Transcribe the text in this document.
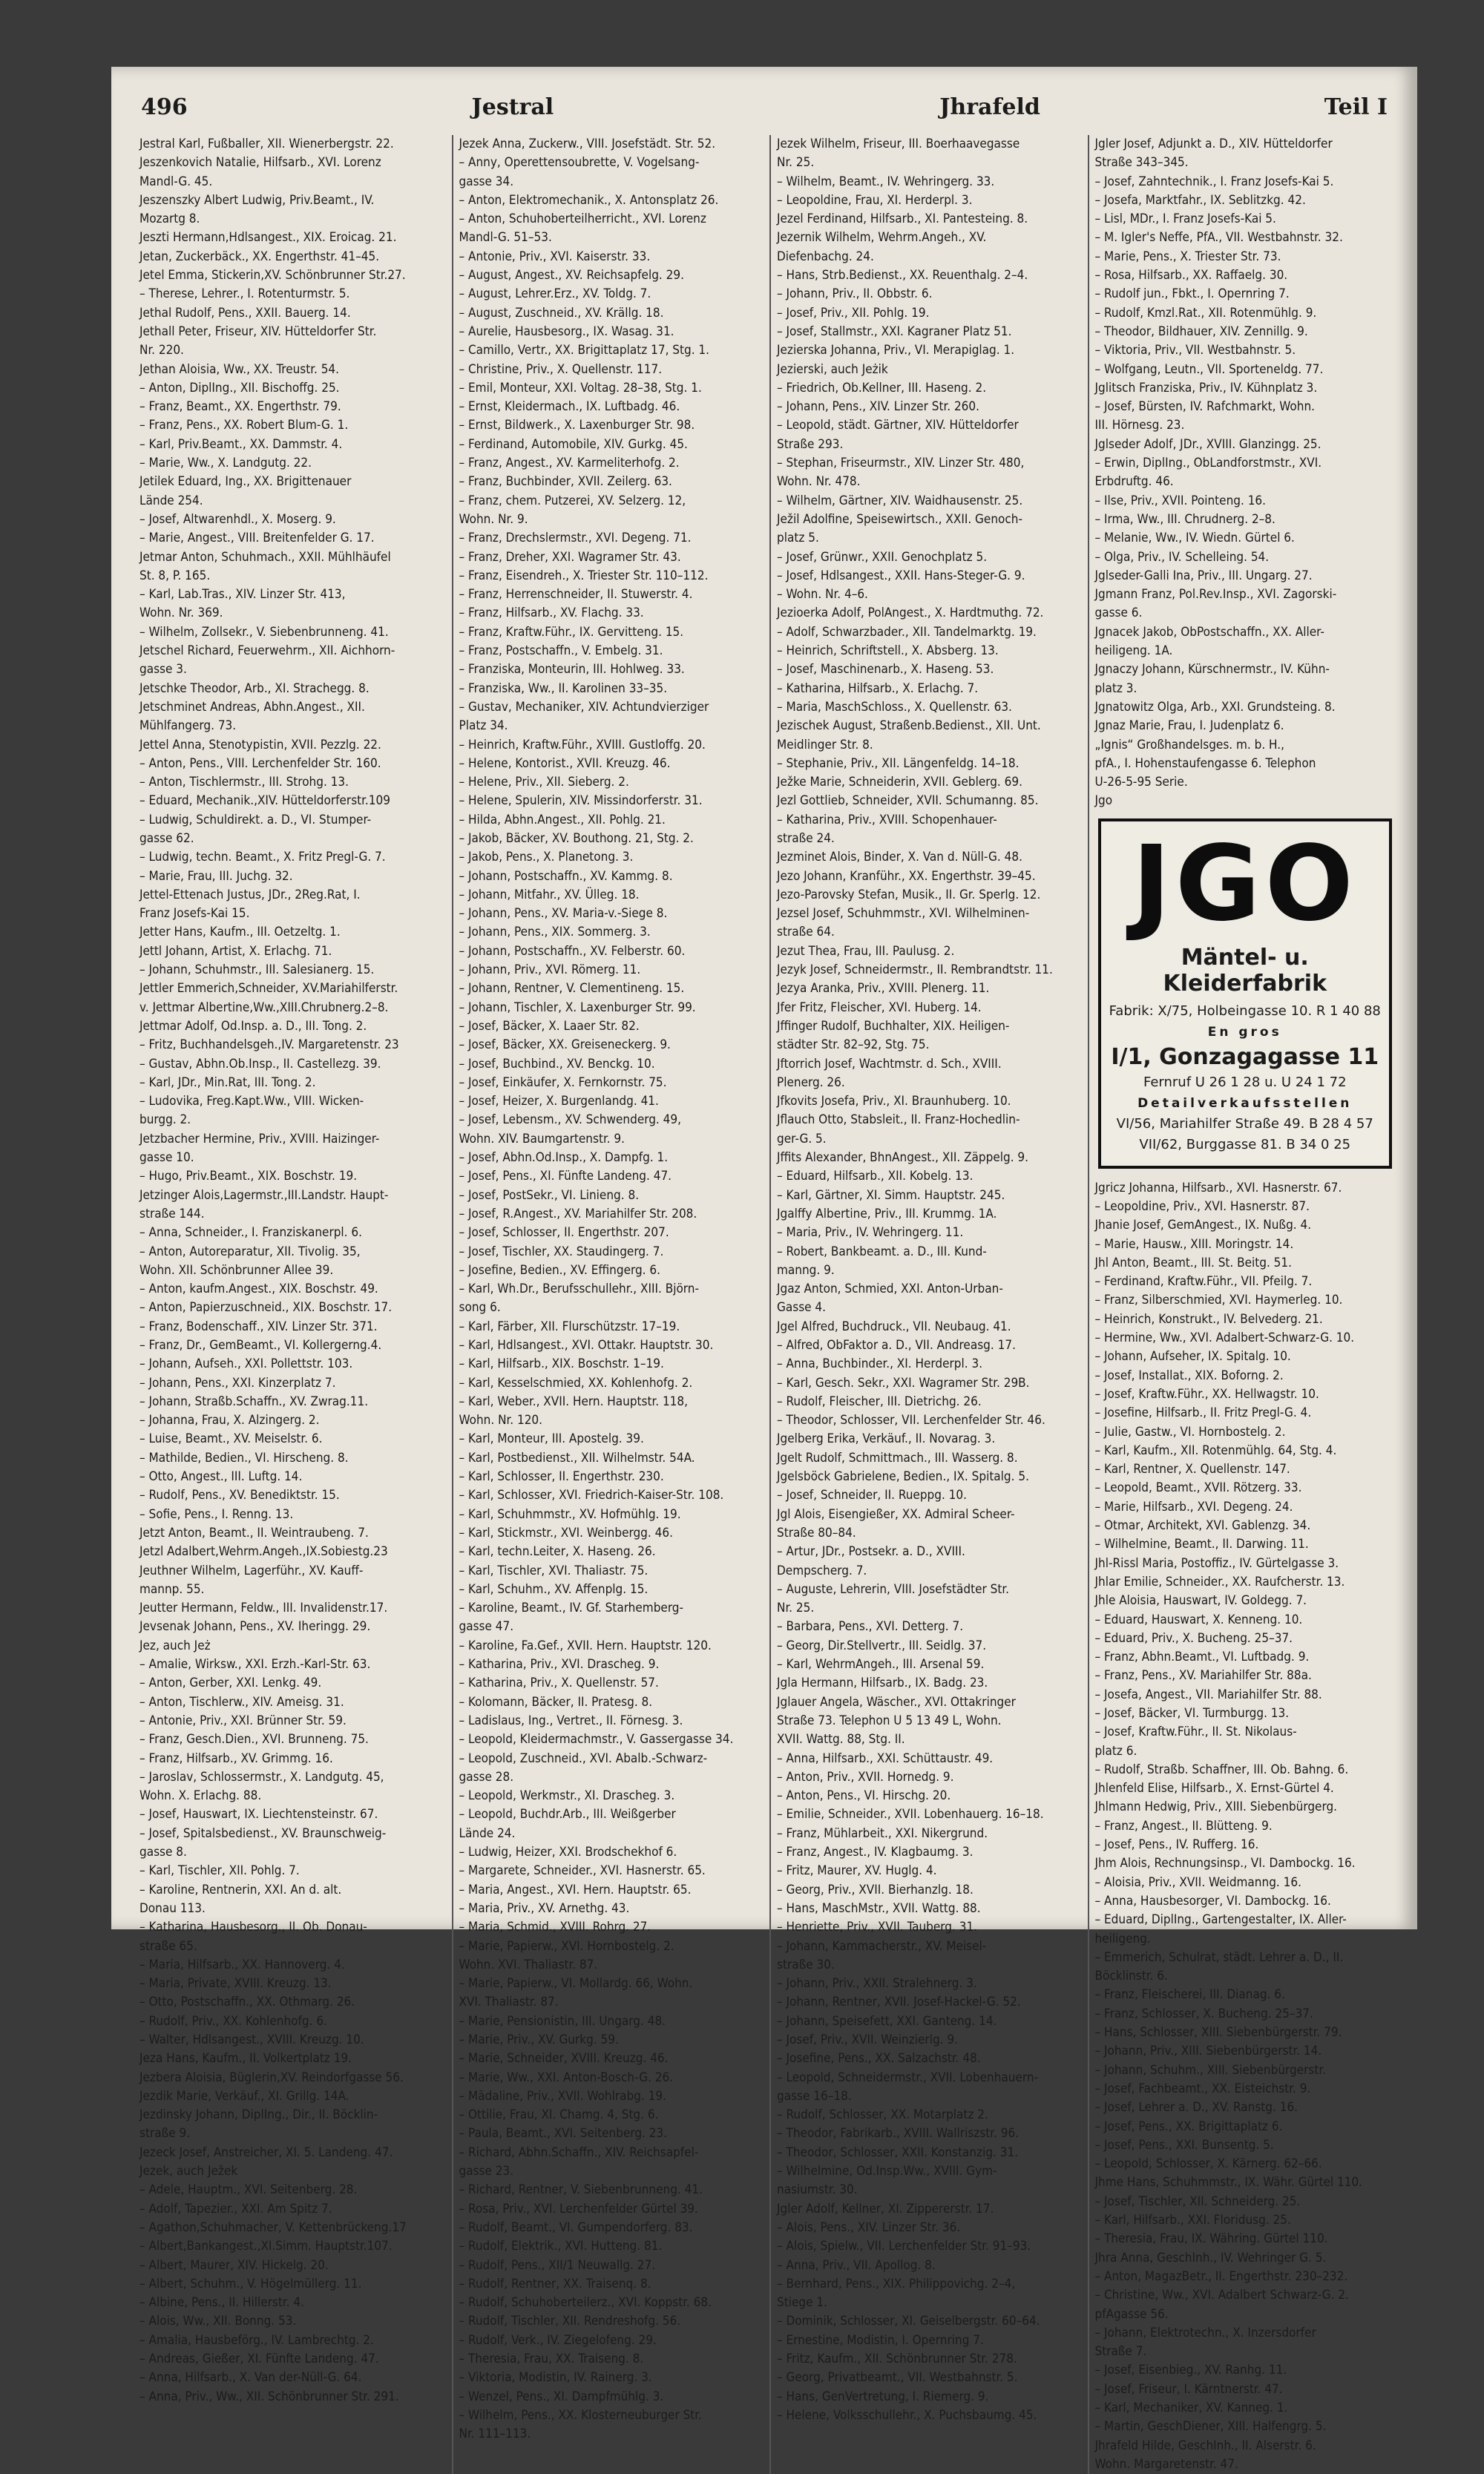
496	Jestral	Jhrafeld	Teil I
Jestral Karl, Fußballer, XII. Wienerbergstr. 22.
Jeszenkovich Natalie, Hilfsarb., XVI. Lorenz
Mandl-G. 45.
Jeszenszky Albert Ludwig, Priv.Beamt., IV.
Mozartg 8.
Jeszti Hermann,Hdlsangest., XIX. Eroicag. 21.
Jetan, Zuckerbäck., XX. Engerthstr. 41–45.
Jetel Emma, Stickerin,XV. Schönbrunner Str.27.
– Therese, Lehrer., I. Rotenturmstr. 5.
Jethal Rudolf, Pens., XXII. Bauerg. 14.
Jethall Peter, Friseur, XIV. Hütteldorfer Str.
Nr. 220.
Jethan Aloisia, Ww., XX. Treustr. 54.
– Anton, DiplIng., XII. Bischoffg. 25.
– Franz, Beamt., XX. Engerthstr. 79.
– Franz, Pens., XX. Robert Blum-G. 1.
– Karl, Priv.Beamt., XX. Dammstr. 4.
– Marie, Ww., X. Landgutg. 22.
Jetilek Eduard, Ing., XX. Brigittenauer
Lände 254.
– Josef, Altwarenhdl., X. Moserg. 9.
– Marie, Angest., VIII. Breitenfelder G. 17.
Jetmar Anton, Schuhmach., XXII. Mühlhäufel
St. 8, P. 165.
– Karl, Lab.Tras., XIV. Linzer Str. 413,
Wohn. Nr. 369.
– Wilhelm, Zollsekr., V. Siebenbrunneng. 41.
Jetschel Richard, Feuerwehrm., XII. Aichhorn-
gasse 3.
Jetschke Theodor, Arb., XI. Strachegg. 8.
Jetschminet Andreas, Abhn.Angest., XII.
Mühlfangerg. 73.
Jettel Anna, Stenotypistin, XVII. Pezzlg. 22.
– Anton, Pens., VIII. Lerchenfelder Str. 160.
– Anton, Tischlermstr., III. Strohg. 13.
– Eduard, Mechanik.,XIV. Hütteldorferstr.109
– Ludwig, Schuldirekt. a. D., VI. Stumper-
gasse 62.
– Ludwig, techn. Beamt., X. Fritz Pregl-G. 7.
– Marie, Frau, III. Juchg. 32.
Jettel-Ettenach Justus, JDr., 2Reg.Rat, I.
Franz Josefs-Kai 15.
Jetter Hans, Kaufm., III. Oetzeltg. 1.
Jettl Johann, Artist, X. Erlachg. 71.
– Johann, Schuhmstr., III. Salesianerg. 15.
Jettler Emmerich,Schneider, XV.Mariahilferstr.
v. Jettmar Albertine,Ww.,XIII.Chrubnerg.2–8.
Jettmar Adolf, Od.Insp. a. D., III. Tong. 2.
– Fritz, Buchhandelsgeh.,IV. Margaretenstr. 23
– Gustav, Abhn.Ob.Insp., II. Castellezg. 39.
– Karl, JDr., Min.Rat, III. Tong. 2.
– Ludovika, Freg.Kapt.Ww., VIII. Wicken-
burgg. 2.
Jetzbacher Hermine, Priv., XVIII. Haizinger-
gasse 10.
– Hugo, Priv.Beamt., XIX. Boschstr. 19.
Jetzinger Alois,Lagermstr.,III.Landstr. Haupt-
straße 144.
– Anna, Schneider., I. Franziskanerpl. 6.
– Anton, Autoreparatur, XII. Tivolig. 35,
Wohn. XII. Schönbrunner Allee 39.
– Anton, kaufm.Angest., XIX. Boschstr. 49.
– Anton, Papierzuschneid., XIX. Boschstr. 17.
– Franz, Bodenschaff., XIV. Linzer Str. 371.
– Franz, Dr., GemBeamt., VI. Kollergerng.4.
– Johann, Aufseh., XXI. Pollettstr. 103.
– Johann, Pens., XXI. Kinzerplatz 7.
– Johann, Straßb.Schaffn., XV. Zwrag.11.
– Johanna, Frau, X. Alzingerg. 2.
– Luise, Beamt., XV. Meiselstr. 6.
– Mathilde, Bedien., VI. Hirscheng. 8.
– Otto, Angest., III. Luftg. 14.
– Rudolf, Pens., XV. Benediktstr. 15.
– Sofie, Pens., I. Renng. 13.
Jetzt Anton, Beamt., II. Weintraubeng. 7.
Jetzl Adalbert,Wehrm.Angeh.,IX.Sobiestg.23
Jeuthner Wilhelm, Lagerführ., XV. Kauff-
mannp. 55.
Jeutter Hermann, Feldw., III. Invalidenstr.17.
Jevsenak Johann, Pens., XV. Iheringg. 29.
Jez, auch Jeż
– Amalie, Wirksw., XXI. Erzh.-Karl-Str. 63.
– Anton, Gerber, XXI. Lenkg. 49.
– Anton, Tischlerw., XIV. Ameisg. 31.
– Antonie, Priv., XXI. Brünner Str. 59.
– Franz, Gesch.Dien., XVI. Brunneng. 75.
– Franz, Hilfsarb., XV. Grimmg. 16.
– Jaroslav, Schlossermstr., X. Landgutg. 45,
Wohn. X. Erlachg. 88.
– Josef, Hauswart, IX. Liechtensteinstr. 67.
– Josef, Spitalsbedienst., XV. Braunschweig-
gasse 8.
– Karl, Tischler, XII. Pohlg. 7.
– Karoline, Rentnerin, XXI. An d. alt.
Donau 113.
– Katharina, Hausbesorg., II. Ob. Donau-
straße 65.
– Maria, Hilfsarb., XX. Hannoverg. 4.
– Maria, Private, XVIII. Kreuzg. 13.
– Otto, Postschaffn., XX. Othmarg. 26.
– Rudolf, Priv., XX. Kohlenhofg. 6.
– Walter, Hdlsangest., XVIII. Kreuzg. 10.
Jeza Hans, Kaufm., II. Volkertplatz 19.
Jezbera Aloisia, Büglerin,XV. Reindorfgasse 56.
Jezdik Marie, Verkäuf., XI. Grillg. 14A.
Jezdinsky Johann, DiplIng., Dir., II. Böcklin-
straße 9.
Jezeck Josef, Anstreicher, XI. 5. Landeng. 47.
Jezek, auch Ježek
– Adele, Hauptm., XVI. Seitenberg. 28.
– Adolf, Tapezier., XXI. Am Spitz 7.
– Agathon,Schuhmacher, V. Kettenbrückeng.17
– Albert,Bankangest.,XI.Simm. Hauptstr.107.
– Albert, Maurer, XIV. Hickelg. 20.
– Albert, Schuhm., V. Högelmüllerg. 11.
– Albine, Pens., II. Hillerstr. 4.
– Alois, Ww., XII. Bonng. 53.
– Amalia, Hausbeförg., IV. Lambrechtg. 2.
– Andreas, Gießer, XI. Fünfte Landeng. 47.
– Anna, Hilfsarb., X. Van der-Nüll-G. 64.
– Anna, Priv., Ww., XII. Schönbrunner Str. 291.
Jezek Anna, Zuckerw., VIII. Josefstädt. Str. 52.
– Anny, Operettensoubrette, V. Vogelsang-
gasse 34.
– Anton, Elektromechanik., X. Antonsplatz 26.
– Anton, Schuhoberteilherricht., XVI. Lorenz
Mandl-G. 51–53.
– Antonie, Priv., XVI. Kaiserstr. 33.
– August, Angest., XV. Reichsapfelg. 29.
– August, Lehrer.Erz., XV. Toldg. 7.
– August, Zuschneid., XV. Krällg. 18.
– Aurelie, Hausbesorg., IX. Wasag. 31.
– Camillo, Vertr., XX. Brigittaplatz 17, Stg. 1.
– Christine, Priv., X. Quellenstr. 117.
– Emil, Monteur, XXI. Voltag. 28–38, Stg. 1.
– Ernst, Kleidermach., IX. Luftbadg. 46.
– Ernst, Bildwerk., X. Laxenburger Str. 98.
– Ferdinand, Automobile, XIV. Gurkg. 45.
– Franz, Angest., XV. Karmeliterhofg. 2.
– Franz, Buchbinder, XVII. Zeilerg. 63.
– Franz, chem. Putzerei, XV. Selzerg. 12,
Wohn. Nr. 9.
– Franz, Drechslermstr., XVI. Degeng. 71.
– Franz, Dreher, XXI. Wagramer Str. 43.
– Franz, Eisendreh., X. Triester Str. 110–112.
– Franz, Herrenschneider, II. Stuwerstr. 4.
– Franz, Hilfsarb., XV. Flachg. 33.
– Franz, Kraftw.Führ., IX. Gervitteng. 15.
– Franz, Postschaffn., V. Embelg. 31.
– Franziska, Monteurin, III. Hohlweg. 33.
– Franziska, Ww., II. Karolinen 33–35.
– Gustav, Mechaniker, XIV. Achtundvierziger
Platz 34.
– Heinrich, Kraftw.Führ., XVIII. Gustloffg. 20.
– Helene, Kontorist., XVII. Kreuzg. 46.
– Helene, Priv., XII. Sieberg. 2.
– Helene, Spulerin, XIV. Missindorferstr. 31.
– Hilda, Abhn.Angest., XII. Pohlg. 21.
– Jakob, Bäcker, XV. Bouthong. 21, Stg. 2.
– Jakob, Pens., X. Planetong. 3.
– Johann, Postschaffn., XV. Kammg. 8.
– Johann, Mitfahr., XV. Ülleg. 18.
– Johann, Pens., XV. Maria-v.-Siege 8.
– Johann, Pens., XIX. Sommerg. 3.
– Johann, Postschaffn., XV. Felberstr. 60.
– Johann, Priv., XVI. Römerg. 11.
– Johann, Rentner, V. Clementineng. 15.
– Johann, Tischler, X. Laxenburger Str. 99.
– Josef, Bäcker, X. Laaer Str. 82.
– Josef, Bäcker, XX. Greiseneckerg. 9.
– Josef, Buchbind., XV. Benckg. 10.
– Josef, Einkäufer, X. Fernkornstr. 75.
– Josef, Heizer, X. Burgenlandg. 41.
– Josef, Lebensm., XV. Schwenderg. 49,
Wohn. XIV. Baumgartenstr. 9.
– Josef, Abhn.Od.Insp., X. Dampfg. 1.
– Josef, Pens., XI. Fünfte Landeng. 47.
– Josef, PostSekr., VI. Linieng. 8.
– Josef, R.Angest., XV. Mariahilfer Str. 208.
– Josef, Schlosser, II. Engerthstr. 207.
– Josef, Tischler, XX. Staudingerg. 7.
– Josefine, Bedien., XV. Effingerg. 6.
– Karl, Wh.Dr., Berufsschullehr., XIII. Björn-
song 6.
– Karl, Färber, XII. Flurschützstr. 17–19.
– Karl, Hdlsangest., XVI. Ottakr. Hauptstr. 30.
– Karl, Hilfsarb., XIX. Boschstr. 1–19.
– Karl, Kesselschmied, XX. Kohlenhofg. 2.
– Karl, Weber., XVII. Hern. Hauptstr. 118,
Wohn. Nr. 120.
– Karl, Monteur, III. Apostelg. 39.
– Karl, Postbedienst., XII. Wilhelmstr. 54A.
– Karl, Schlosser, II. Engerthstr. 230.
– Karl, Schlosser, XVI. Friedrich-Kaiser-Str. 108.
– Karl, Schuhmmstr., XV. Hofmühlg. 19.
– Karl, Stickmstr., XVI. Weinbergg. 46.
– Karl, techn.Leiter, X. Haseng. 26.
– Karl, Tischler, XVI. Thaliastr. 75.
– Karl, Schuhm., XV. Affenplg. 15.
– Karoline, Beamt., IV. Gf. Starhemberg-
gasse 47.
– Karoline, Fa.Gef., XVII. Hern. Hauptstr. 120.
– Katharina, Priv., XVI. Drascheg. 9.
– Katharina, Priv., X. Quellenstr. 57.
– Kolomann, Bäcker, II. Pratesg. 8.
– Ladislaus, Ing., Vertret., II. Förnesg. 3.
– Leopold, Kleidermachmstr., V. Gassergasse 34.
– Leopold, Zuschneid., XVI. Abalb.-Schwarz-
gasse 28.
– Leopold, Werkmstr., XI. Drascheg. 3.
– Leopold, Buchdr.Arb., III. Weißgerber
Lände 24.
– Ludwig, Heizer, XXI. Brodschekhof 6.
– Margarete, Schneider., XVI. Hasnerstr. 65.
– Maria, Angest., XVI. Hern. Hauptstr. 65.
– Maria, Priv., XV. Arnethg. 43.
– Maria, Schmid., XVIII. Rohrg. 27.
– Marie, Papierw., XVI. Hornbostelg. 2.
Wohn. XVI. Thaliastr. 87.
– Marie, Papierw., VI. Mollardg. 66, Wohn.
XVI. Thaliastr. 87.
– Marie, Pensionistin, III. Ungarg. 48.
– Marie, Priv., XV. Gurkg. 59.
– Marie, Schneider, XVIII. Kreuzg. 46.
– Marie, Ww., XXI. Anton-Bosch-G. 26.
– Mädaline, Priv., XVII. Wohlrabg. 19.
– Ottilie, Frau, XI. Chamg. 4, Stg. 6.
– Paula, Beamt., XVI. Seitenberg. 23.
– Richard, Abhn.Schaffn., XIV. Reichsapfel-
gasse 23.
– Richard, Rentner, V. Siebenbrunneng. 41.
– Rosa, Priv., XVI. Lerchenfelder Gürtel 39.
– Rudolf, Beamt., VI. Gumpendorferg. 83.
– Rudolf, Elektrik., XVI. Hutteng. 81.
– Rudolf, Pens., XII/1 Neuwallg. 27.
– Rudolf, Rentner, XX. Traisenq. 8.
– Rudolf, Schuhoberteilerz., XVI. Koppstr. 68.
– Rudolf, Tischler, XII. Rendreshofg. 56.
– Rudolf, Verk., IV. Ziegelofeng. 29.
– Theresia, Frau, XX. Traiseng. 8.
– Viktoria, Modistin, IV. Rainerg. 3.
– Wenzel, Pens., XI. Dampfmühlg. 3.
– Wilhelm, Pens., XX. Klosterneuburger Str.
Nr. 111–113.
Jezek Wilhelm, Friseur, III. Boerhaavegasse
Nr. 25.
– Wilhelm, Beamt., IV. Wehringerg. 33.
– Leopoldine, Frau, XI. Herderpl. 3.
Jezel Ferdinand, Hilfsarb., XI. Pantesteing. 8.
Jezernik Wilhelm, Wehrm.Angeh., XV.
Diefenbachg. 24.
– Hans, Strb.Bedienst., XX. Reuenthalg. 2–4.
– Johann, Priv., II. Obbstr. 6.
– Josef, Priv., XII. Pohlg. 19.
– Josef, Stallmstr., XXI. Kagraner Platz 51.
Jezierska Johanna, Priv., VI. Merapiglag. 1.
Jezierski, auch Jeżik
– Friedrich, Ob.Kellner, III. Haseng. 2.
– Johann, Pens., XIV. Linzer Str. 260.
– Leopold, städt. Gärtner, XIV. Hütteldorfer
Straße 293.
– Stephan, Friseurmstr., XIV. Linzer Str. 480,
Wohn. Nr. 478.
– Wilhelm, Gärtner, XIV. Waidhausenstr. 25.
Ježil Adolfine, Speisewirtsch., XXII. Genoch-
platz 5.
– Josef, Grünwr., XXII. Genochplatz 5.
– Josef, Hdlsangest., XXII. Hans-Steger-G. 9.
– Wohn. Nr. 4–6.
Jezioerka Adolf, PolAngest., X. Hardtmuthg. 72.
– Adolf, Schwarzbader., XII. Tandelmarktg. 19.
– Heinrich, Schriftstell., X. Absberg. 13.
– Josef, Maschinenarb., X. Haseng. 53.
– Katharina, Hilfsarb., X. Erlachg. 7.
– Maria, MaschSchloss., X. Quellenstr. 63.
Jezischek August, Straßenb.Bedienst., XII. Unt.
Meidlinger Str. 8.
– Stephanie, Priv., XII. Längenfeldg. 14–18.
Ježke Marie, Schneiderin, XVII. Geblerg. 69.
Jezl Gottlieb, Schneider, XVII. Schumanng. 85.
– Katharina, Priv., XVIII. Schopenhauer-
straße 24.
Jezminet Alois, Binder, X. Van d. Nüll-G. 48.
Jezo Johann, Kranführ., XX. Engerthstr. 39–45.
Jezo-Parovsky Stefan, Musik., II. Gr. Sperlg. 12.
Jezsel Josef, Schuhmmstr., XVI. Wilhelminen-
straße 64.
Jezut Thea, Frau, III. Paulusg. 2.
Jezyk Josef, Schneidermstr., II. Rembrandtstr. 11.
Jezya Aranka, Priv., XVIII. Plenerg. 11.
Jfer Fritz, Fleischer, XVI. Huberg. 14.
Jffinger Rudolf, Buchhalter, XIX. Heiligen-
städter Str. 82–92, Stg. 75.
Jftorrich Josef, Wachtmstr. d. Sch., XVIII.
Plenerg. 26.
Jfkovits Josefa, Priv., XI. Braunhuberg. 10.
Jflauch Otto, Stabsleit., II. Franz-Hochedlin-
ger-G. 5.
Jffits Alexander, BhnAngest., XII. Zäppelg. 9.
– Eduard, Hilfsarb., XII. Kobelg. 13.
– Karl, Gärtner, XI. Simm. Hauptstr. 245.
Jgalffy Albertine, Priv., III. Krummg. 1A.
– Maria, Priv., IV. Wehringerg. 11.
– Robert, Bankbeamt. a. D., III. Kund-
manng. 9.
Jgaz Anton, Schmied, XXI. Anton-Urban-
Gasse 4.
Jgel Alfred, Buchdruck., VII. Neubaug. 41.
– Alfred, ObFaktor a. D., VII. Andreasg. 17.
– Anna, Buchbinder., XI. Herderpl. 3.
– Karl, Gesch. Sekr., XXI. Wagramer Str. 29B.
– Rudolf, Fleischer, III. Dietrichg. 26.
– Theodor, Schlosser, VII. Lerchenfelder Str. 46.
Jgelberg Erika, Verkäuf., II. Novarag. 3.
Jgelt Rudolf, Schmittmach., III. Wasserg. 8.
Jgelsböck Gabrielene, Bedien., IX. Spitalg. 5.
– Josef, Schneider, II. Rueppg. 10.
Jgl Alois, Eisengießer, XX. Admiral Scheer-
Straße 80–84.
– Artur, JDr., Postsekr. a. D., XVIII.
Dempscherg. 7.
– Auguste, Lehrerin, VIII. Josefstädter Str.
Nr. 25.
– Barbara, Pens., XVI. Detterg. 7.
– Georg, Dir.Stellvertr., III. Seidlg. 37.
– Karl, WehrmAngeh., III. Arsenal 59.
Jgla Hermann, Hilfsarb., IX. Badg. 23.
Jglauer Angela, Wäscher., XVI. Ottakringer
Straße 73. Telephon U 5 13 49 L, Wohn.
XVII. Wattg. 88, Stg. II.
– Anna, Hilfsarb., XXI. Schüttaustr. 49.
– Anton, Priv., XVII. Hornedg. 9.
– Anton, Pens., VI. Hirschg. 20.
– Emilie, Schneider., XVII. Lobenhauerg. 16–18.
– Franz, Mühlarbeit., XXI. Nikergrund.
– Franz, Angest., IV. Klagbaumg. 3.
– Fritz, Maurer, XV. Huglg. 4.
– Georg, Priv., XVII. Bierhanzlg. 18.
– Hans, MaschMstr., XVII. Wattg. 88.
– Henriette, Priv., XVII. Tauberg. 31.
– Johann, Kammacherstr., XV. Meisel-
straße 30.
– Johann, Priv., XXII. Stralehnerg. 3.
– Johann, Rentner, XVII. Josef-Hackel-G. 52.
– Johann, Speisefett, XXI. Ganteng. 14.
– Josef, Priv., XVII. Weinzierlg. 9.
– Josefine, Pens., XX. Salzachstr. 48.
– Leopold, Schneidermstr., XVII. Lobenhauern-
gasse 16–18.
– Rudolf, Schlosser, XX. Motarplatz 2.
– Theodor, Fabrikarb., XVIII. Wallriszstr. 96.
– Theodor, Schlosser, XXII. Konstanzig. 31.
– Wilhelmine, Od.Insp.Ww., XVIII. Gym-
nasiumstr. 30.
Jgler Adolf, Kellner, XI. Zippererstr. 17.
– Alois, Pens., XIV. Linzer Str. 36.
– Alois, Spielw., VII. Lerchenfelder Str. 91–93.
– Anna, Priv., VII. Apollog. 8.
– Bernhard, Pens., XIX. Philippovichg. 2–4,
Stiege 1.
– Dominik, Schlosser, XI. Geiselbergstr. 60–64.
– Ernestine, Modistin, I. Opernring 7.
– Fritz, Kaufm., XII. Schönbrunner Str. 278.
– Georg, Privatbeamt., VII. Westbahnstr. 5.
– Hans, GenVertretung, I. Riemerg. 9.
– Helene, Volksschullehr., X. Puchsbaumg. 45.
Jgler Josef, Adjunkt a. D., XIV. Hütteldorfer
Straße 343–345.
– Josef, Zahntechnik., I. Franz Josefs-Kai 5.
– Josefa, Marktfahr., IX. Seblitzkg. 42.
– Lisl, MDr., I. Franz Josefs-Kai 5.
– M. Igler's Neffe, PfA., VII. Westbahnstr. 32.
– Marie, Pens., X. Triester Str. 73.
– Rosa, Hilfsarb., XX. Raffaelg. 30.
– Rudolf jun., Fbkt., I. Opernring 7.
– Rudolf, Kmzl.Rat., XII. Rotenmühlg. 9.
– Theodor, Bildhauer, XIV. Zennillg. 9.
– Viktoria, Priv., VII. Westbahnstr. 5.
– Wolfgang, Leutn., VII. Sporteneldg. 77.
Jglitsch Franziska, Priv., IV. Kühnplatz 3.
– Josef, Bürsten, IV. Rafchmarkt, Wohn.
III. Hörnesg. 23.
Jglseder Adolf, JDr., XVIII. Glanzingg. 25.
– Erwin, DiplIng., ObLandforstmstr., XVI.
Erbdruftg. 46.
– Ilse, Priv., XVII. Pointeng. 16.
– Irma, Ww., III. Chrudnerg. 2–8.
– Melanie, Ww., IV. Wiedn. Gürtel 6.
– Olga, Priv., IV. Schelleing. 54.
Jglseder-Galli Ina, Priv., III. Ungarg. 27.
Jgmann Franz, Pol.Rev.Insp., XVI. Zagorski-
gasse 6.
Jgnacek Jakob, ObPostschaffn., XX. Aller-
heiligeng. 1A.
Jgnaczy Johann, Kürschnermstr., IV. Kühn-
platz 3.
Jgnatowitz Olga, Arb., XXI. Grundsteing. 8.
Jgnaz Marie, Frau, I. Judenplatz 6.
„Ignis“ Großhandelsges. m. b. H.,
pfA., I. Hohenstaufengasse 6. Telephon
U-26-5-95 Serie.
Jgo
JGO
Mäntel- u. Kleiderfabrik
Fabrik: X/75, Holbeingasse 10. R 1 40 88
En gros
I/1, Gonzagagasse 11
Fernruf U 26 1 28 u. U 24 1 72
Detailverkaufsstellen
VI/56, Mariahilfer Straße 49. B 28 4 57
VII/62, Burggasse 81. B 34 0 25
Jgricz Johanna, Hilfsarb., XVI. Hasnerstr. 67.
– Leopoldine, Priv., XVI. Hasnerstr. 87.
Jhanie Josef, GemAngest., IX. Nußg. 4.
– Marie, Hausw., XIII. Moringstr. 14.
Jhl Anton, Beamt., III. St. Beitg. 51.
– Ferdinand, Kraftw.Führ., VII. Pfeilg. 7.
– Franz, Silberschmied, XVI. Haymerleg. 10.
– Heinrich, Konstrukt., IV. Belvederg. 21.
– Hermine, Ww., XVI. Adalbert-Schwarz-G. 10.
– Johann, Aufseher, IX. Spitalg. 10.
– Josef, Installat., XIX. Boforng. 2.
– Josef, Kraftw.Führ., XX. Hellwagstr. 10.
– Josefine, Hilfsarb., II. Fritz Pregl-G. 4.
– Julie, Gastw., VI. Hornbostelg. 2.
– Karl, Kaufm., XII. Rotenmühlg. 64, Stg. 4.
– Karl, Rentner, X. Quellenstr. 147.
– Leopold, Beamt., XVII. Rötzerg. 33.
– Marie, Hilfsarb., XVI. Degeng. 24.
– Otmar, Architekt, XVI. Gablenzg. 34.
– Wilhelmine, Beamt., II. Darwing. 11.
Jhl-Rissl Maria, Postoffiz., IV. Gürtelgasse 3.
Jhlar Emilie, Schneider., XX. Raufcherstr. 13.
Jhle Aloisia, Hauswart, IV. Goldegg. 7.
– Eduard, Hauswart, X. Kenneng. 10.
– Eduard, Priv., X. Bucheng. 25–37.
– Franz, Abhn.Beamt., VI. Luftbadg. 9.
– Franz, Pens., XV. Mariahilfer Str. 88a.
– Josefa, Angest., VII. Mariahilfer Str. 88.
– Josef, Bäcker, VI. Turmburgg. 13.
– Josef, Kraftw.Führ., II. St. Nikolaus-
platz 6.
– Rudolf, Straßb. Schaffner, III. Ob. Bahng. 6.
Jhlenfeld Elise, Hilfsarb., X. Ernst-Gürtel 4.
Jhlmann Hedwig, Priv., XIII. Siebenbürgerg.
– Franz, Angest., II. Blütteng. 9.
– Josef, Pens., IV. Rufferg. 16.
Jhm Alois, Rechnungsinsp., VI. Dambockg. 16.
– Aloisia, Priv., XVII. Weidmanng. 16.
– Anna, Hausbesorger, VI. Dambockg. 16.
– Eduard, DiplIng., Gartengestalter, IX. Aller-
heiligeng.
– Emmerich, Schulrat, städt. Lehrer a. D., II.
Böcklinstr. 6.
– Franz, Fleischerei, III. Dianag. 6.
– Franz, Schlosser, X. Bucheng. 25–37.
– Hans, Schlosser, XIII. Siebenbürgerstr. 79.
– Johann, Priv., XIII. Siebenbürgerstr. 14.
– Johann, Schuhm., XIII. Siebenbürgerstr.
– Josef, Fachbeamt., XX. Eisteichstr. 9.
– Josef, Lehrer a. D., XV. Ranstg. 16.
– Josef, Pens., XX. Brigittaplatz 6.
– Josef, Pens., XXI. Bunsentg. 5.
– Leopold, Schlosser, X. Kärnerg. 62–66.
Jhme Hans, Schuhmmstr., IX. Währ. Gürtel 110.
– Josef, Tischler, XII. Schneiderg. 25.
– Karl, Hilfsarb., XXI. Floridusg. 25.
– Theresia, Frau, IX. Währing. Gürtel 110.
Jhra Anna, GeschInh., IV. Wehringer G. 5.
– Anton, MagazBetr., II. Engerthstr. 230–232.
– Christine, Ww., XVI. Adalbert Schwarz-G. 2.
pfAgasse 56.
– Johann, Elektrotechn., X. Inzersdorfer
Straße 7.
– Josef, Eisenbieg., XV. Ranhg. 11.
– Josef, Friseur, I. Kärntnerstr. 47.
– Karl, Mechaniker, XV. Kanneg. 1.
– Martin, GeschDiener, XIII. Halfengrg. 5.
Jhrafeld Hilde, GeschInh., II. Alserstr. 6.
Wohn. Margaretenstr. 47.
